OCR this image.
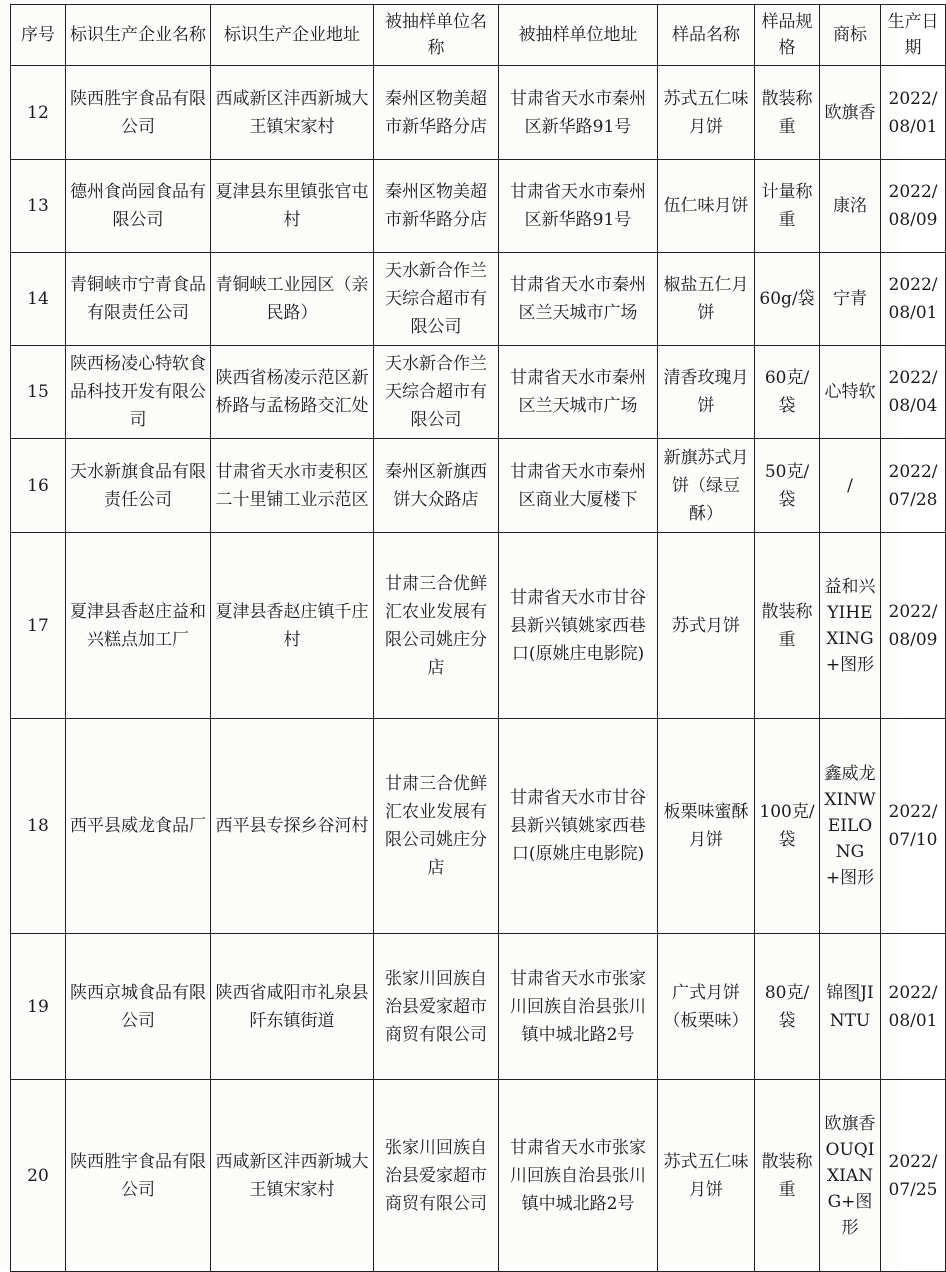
序号	标识生产企业名称	标识生产企业地址	被抽样单位名称	被抽样单位地址	样品名称	样品规格	商标	生产日期
12	陕西胜宇食品有限公司	西咸新区沣西新城大王镇宋家村	秦州区物美超市新华路分店	甘肃省天水市秦州区新华路91号	苏式五仁味月饼	散装称重	欧旗香	2022/08/01
13	德州食尚园食品有限公司	夏津县东里镇张官屯村	秦州区物美超市新华路分店	甘肃省天水市秦州区新华路91号	伍仁味月饼	计量称重	康洺	2022/08/09
14	青铜峡市宁青食品有限责任公司	青铜峡工业园区（亲民路）	天水新合作兰天综合超市有限公司	甘肃省天水市秦州区兰天城市广场	椒盐五仁月饼	60g/袋	宁青	2022/08/01
15	陕西杨凌心特软食品科技开发有限公司	陕西省杨凌示范区新桥路与孟杨路交汇处	天水新合作兰天综合超市有限公司	甘肃省天水市秦州区兰天城市广场	清香玫瑰月饼	60克/袋	心特软	2022/08/04
16	天水新旗食品有限责任公司	甘肃省天水市麦积区二十里铺工业示范区	秦州区新旗西饼大众路店	甘肃省天水市秦州区商业大厦楼下	新旗苏式月饼（绿豆酥）	50克/袋	/	2022/07/28
17	夏津县香赵庄益和兴糕点加工厂	夏津县香赵庄镇千庄村	甘肃三合优鲜汇农业发展有限公司姚庄分店	甘肃省天水市甘谷县新兴镇姚家西巷口(原姚庄电影院)	苏式月饼	散装称重	益和兴YIHEXING+图形	2022/08/09
18	西平县威龙食品厂	西平县专探乡谷河村	甘肃三合优鲜汇农业发展有限公司姚庄分店	甘肃省天水市甘谷县新兴镇姚家西巷口(原姚庄电影院)	板栗味蜜酥月饼	100克/袋	鑫威龙XINWEILONG+图形	2022/07/10
19	陕西京城食品有限公司	陕西省咸阳市礼泉县阡东镇街道	张家川回族自治县爱家超市商贸有限公司	甘肃省天水市张家川回族自治县张川镇中城北路2号	广式月饼（板栗味）	80克/袋	锦图JINTU	2022/08/01
20	陕西胜宇食品有限公司	西咸新区沣西新城大王镇宋家村	张家川回族自治县爱家超市商贸有限公司	甘肃省天水市张家川回族自治县张川镇中城北路2号	苏式五仁味月饼	散装称重	欧旗香OUQIXIANG+图形	2022/07/25
